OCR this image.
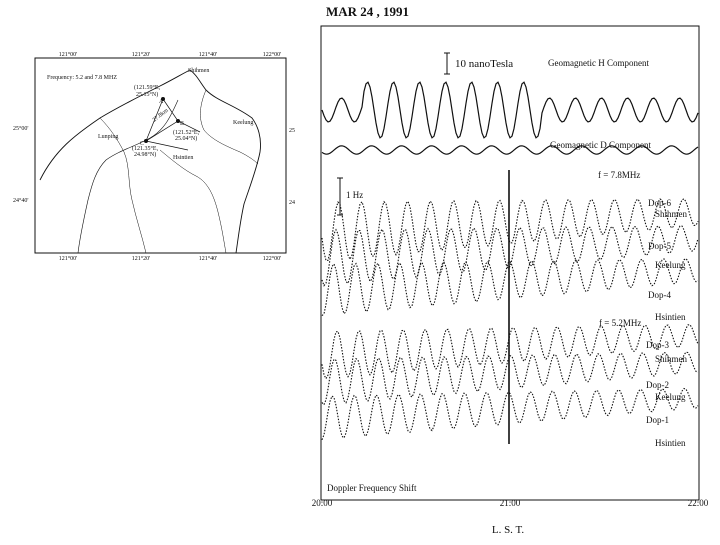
121°00'	121°20'	121°40'	122°00'
121°00'	121°20'	121°40'	122°00'
25°00'
24°40'
25
24
Frequency: 5.2 and 7.8 MHZ
Shihmen
Keelung
Lunping
Hsintien
(121.59°E,
25.15°N)
(121.52°E,
25.04°N)
(121.35°E,
24.98°N)
A
B
C
27.8km
MAR 24 , 1991
10 nanoTesla
1 Hz
f = 7.8MHz
f = 5.2MHz
Geomagnetic H Component
Geomagnetic D Component
Dop-6
Shihmen
Dop-5
Keelung
Dop-4
Hsintien
Dop-3
Shihmen
Dop-2
Keelung
Dop-1
Hsintien
Doppler Frequency Shift
20:00	21:00	22:00
L. S. T.
